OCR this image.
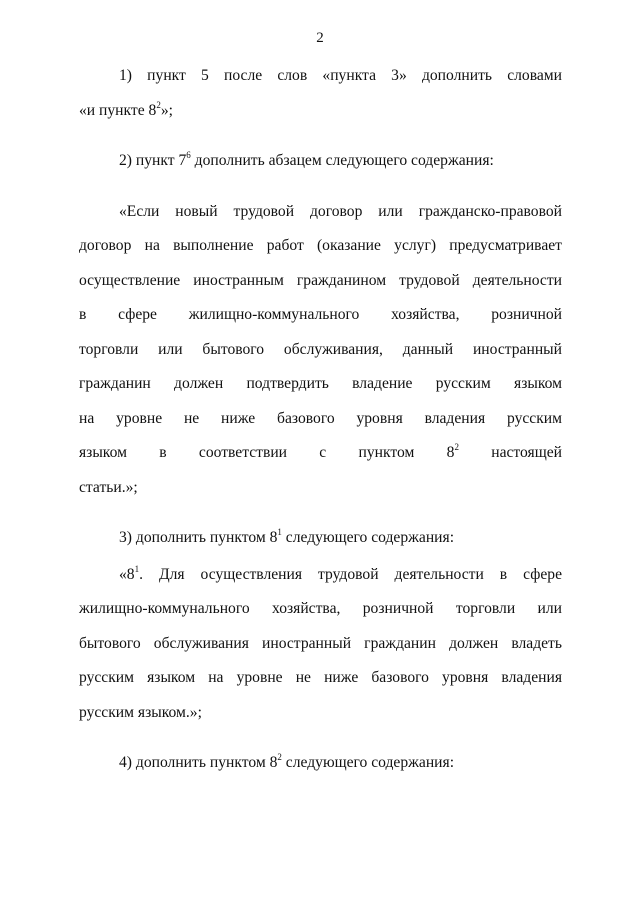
2
1) пункт 5 после слов «пункта 3» дополнить словами
«и пункте $8^2$»;

2) пункт $7^6$ дополнить абзацем следующего содержания:

«Если новый трудовой договор или гражданско-правовой
договор на выполнение работ (оказание услуг) предусматривает
осуществление иностранным гражданином трудовой деятельности
в сфере жилищно-коммунального хозяйства, розничной
торговли или бытового обслуживания, данный иностранный
гражданин должен подтвердить владение русским языком
на уровне не ниже базового уровня владения русским
языком в соответствии с пунктом $8^2$ настоящей
статьи.»;

3) дополнить пунктом $8^1$ следующего содержания:

«$8^1$. Для осуществления трудовой деятельности в сфере
жилищно-коммунального хозяйства, розничной торговли или
бытового обслуживания иностранный гражданин должен владеть
русским языком на уровне не ниже базового уровня владения
русским языком.»;

4) дополнить пунктом $8^2$ следующего содержания:
